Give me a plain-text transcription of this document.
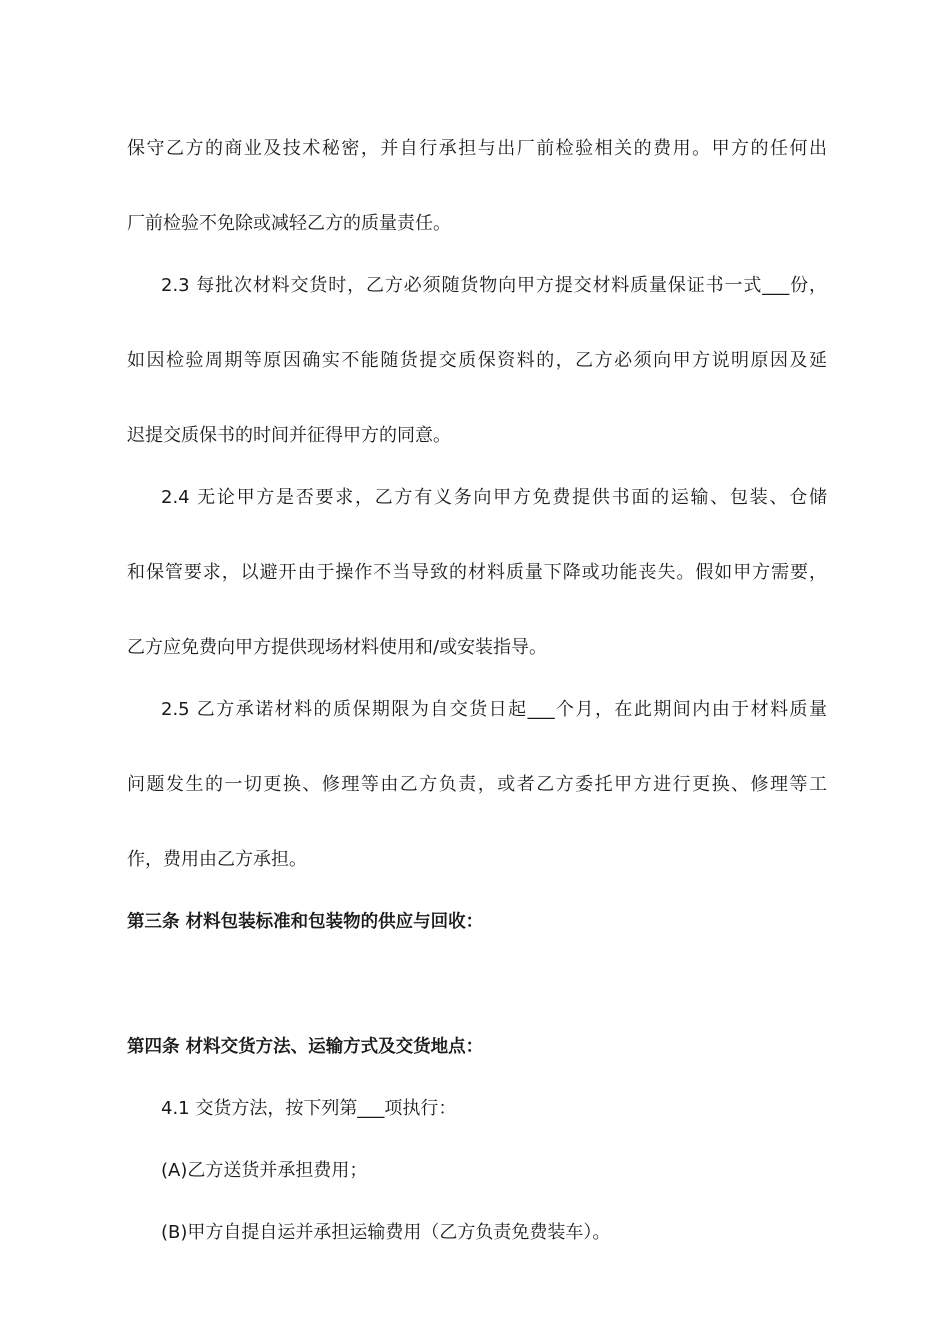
保守乙方的商业及技术秘密，并自行承担与出厂前检验相关的费用。甲方的任何出
厂前检验不免除或减轻乙方的质量责任。
2.3 每批次材料交货时，乙方必须随货物向甲方提交材料质量保证书一式___份，
如因检验周期等原因确实不能随货提交质保资料的，乙方必须向甲方说明原因及延
迟提交质保书的时间并征得甲方的同意。
2.4 无论甲方是否要求，乙方有义务向甲方免费提供书面的运输、包装、仓储
和保管要求，以避开由于操作不当导致的材料质量下降或功能丧失。假如甲方需要，
乙方应免费向甲方提供现场材料使用和/或安装指导。
2.5 乙方承诺材料的质保期限为自交货日起___个月，在此期间内由于材料质量
问题发生的一切更换、修理等由乙方负责，或者乙方委托甲方进行更换、修理等工
作，费用由乙方承担。
第三条 材料包装标准和包装物的供应与回收：
第四条 材料交货方法、运输方式及交货地点：
4.1 交货方法，按下列第___项执行：
(A)乙方送货并承担费用；
(B)甲方自提自运并承担运输费用（乙方负责免费装车）。
